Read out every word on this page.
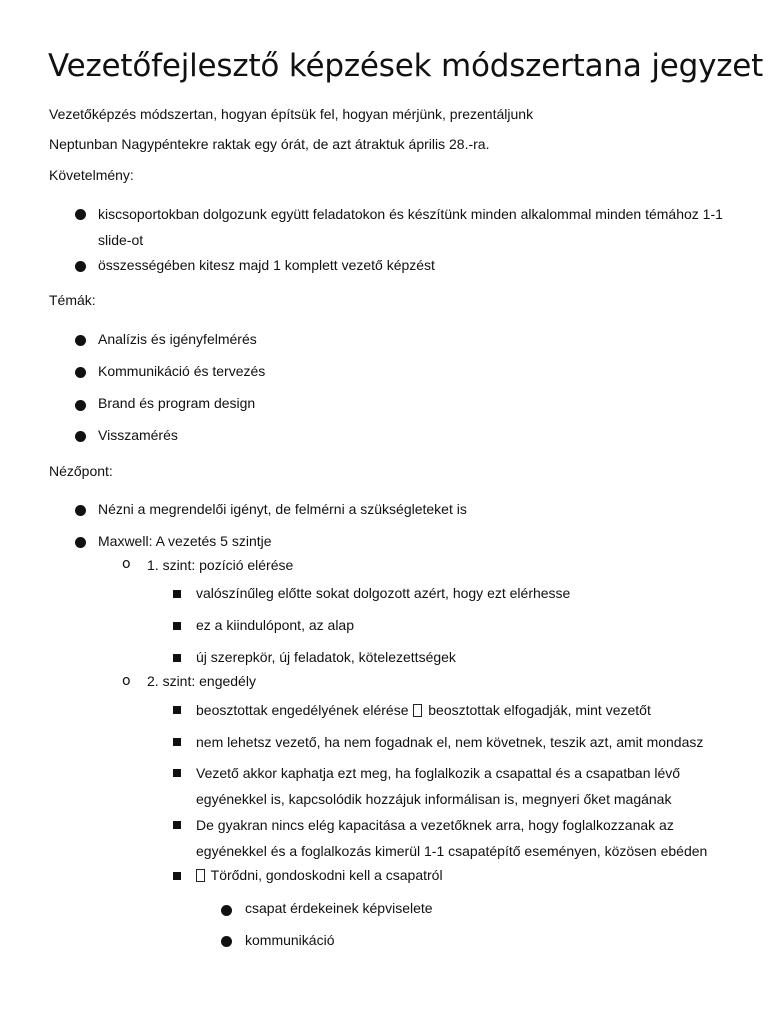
Vezetőfejlesztő képzések módszertana jegyzet
Vezetőképzés módszertan, hogyan építsük fel, hogyan mérjünk, prezentáljunk
Neptunban Nagypéntekre raktak egy órát, de azt átraktuk április 28.-ra.
Követelmény:
kiscsoportokban dolgozunk együtt feladatokon és készítünk minden alkalommal minden témához 1-1 slide-ot
összességében kitesz majd 1 komplett vezető képzést
Témák:
Analízis és igényfelmérés
Kommunikáció és tervezés
Brand és program design
Visszamérés
Nézőpont:
Nézni a megrendelői igényt, de felmérni a szükségleteket is
Maxwell: A vezetés 5 szintje
o 1. szint: pozíció elérése
valószínűleg előtte sokat dolgozott azért, hogy ezt elérhesse
ez a kiindulópont, az alap
új szerepkör, új feladatok, kötelezettségek
o 2. szint: engedély
beosztottak engedélyének elérése beosztottak elfogadják, mint vezetőt
nem lehetsz vezető, ha nem fogadnak el, nem követnek, teszik azt, amit mondasz
Vezető akkor kaphatja ezt meg, ha foglalkozik a csapattal és a csapatban lévő
egyénekkel is, kapcsolódik hozzájuk informálisan is, megnyeri őket magának
De gyakran nincs elég kapacitása a vezetőknek arra, hogy foglalkozzanak az
egyénekkel és a foglalkozás kimerül 1-1 csapatépítő eseményen, közösen ebéden
Törődni, gondoskodni kell a csapatról
csapat érdekeinek képviselete
kommunikáció
